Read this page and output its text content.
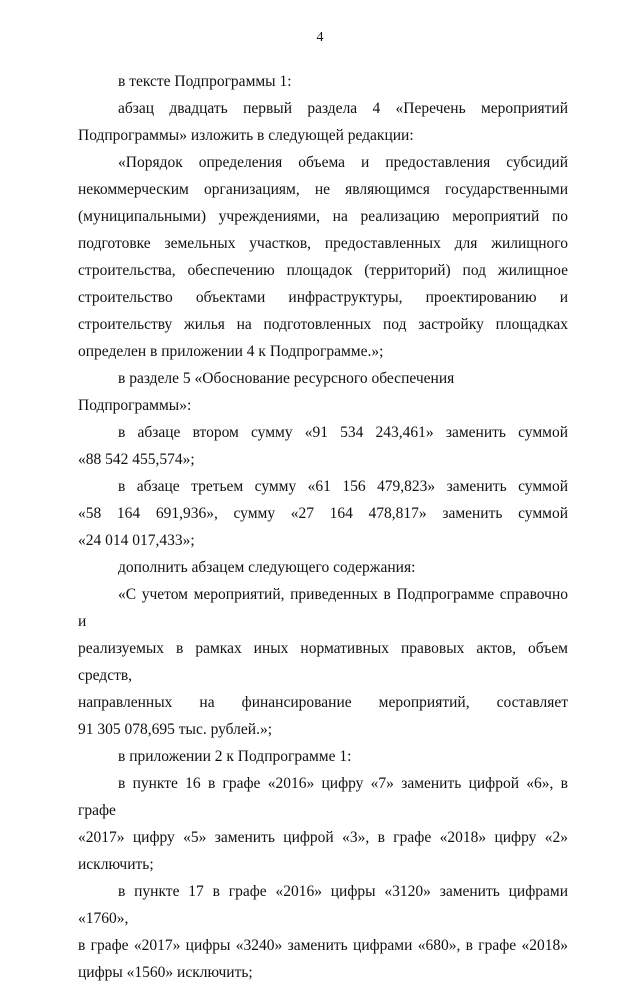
4

в тексте Подпрограммы 1:

абзац двадцать первый раздела 4 «Перечень мероприятий

Подпрограммы» изложить в следующей редакции:

«Порядок определения объема и предоставления субсидий

некоммерческим организациям, не являющимся государственными

(муниципальными) учреждениями, на реализацию мероприятий по

подготовке земельных участков, предоставленных для жилищного

строительства, обеспечению площадок (территорий) под жилищное

строительство объектами инфраструктуры, проектированию и

строительству жилья на подготовленных под застройку площадках

определен в приложении 4 к Подпрограмме.»;

в разделе 5 «Обоснование ресурсного обеспечения Подпрограммы»:

в абзаце втором сумму «91 534 243,461» заменить суммой

«88 542 455,574»;

в абзаце третьем сумму «61 156 479,823» заменить суммой

«58 164 691,936», сумму «27 164 478,817» заменить суммой

«24 014 017,433»;

дополнить абзацем следующего содержания:

«С учетом мероприятий, приведенных в Подпрограмме справочно и

реализуемых в рамках иных нормативных правовых актов, объем средств,

направленных на финансирование мероприятий, составляет

91 305 078,695 тыс. рублей.»;

в приложении 2 к Подпрограмме 1:

в пункте 16 в графе «2016» цифру «7» заменить цифрой «6», в графе

«2017» цифру «5» заменить цифрой «3», в графе «2018» цифру «2»

исключить;

в пункте 17 в графе «2016» цифры «3120» заменить цифрами «1760»,

в графе «2017» цифры «3240» заменить цифрами «680», в графе «2018»

цифры «1560» исключить;
